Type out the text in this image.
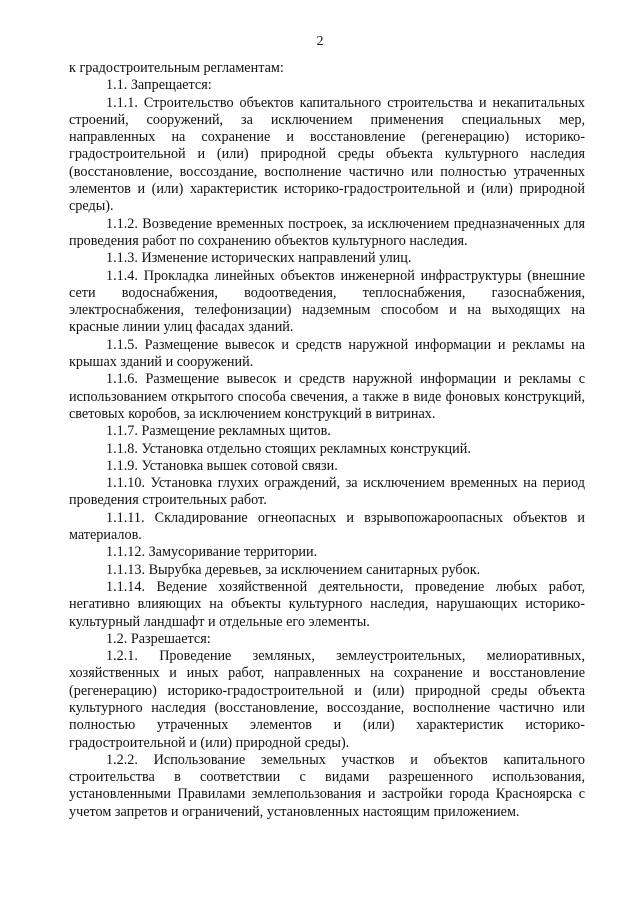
2

к градостроительным регламентам:

1.1. Запрещается:

1.1.1. Строительство объектов капитального строительства и некапитальных строений, сооружений, за исключением применения специальных мер, направленных на сохранение и восстановление (регенерацию) историко-градостроительной и (или) природной среды объекта культурного наследия (восстановление, воссоздание, восполнение частично или полностью утраченных элементов и (или) характеристик историко-градостроительной и (или) природной среды).

1.1.2. Возведение временных построек, за исключением предназначенных для проведения работ по сохранению объектов культурного наследия.

1.1.3. Изменение исторических направлений улиц.

1.1.4. Прокладка линейных объектов инженерной инфраструктуры (внешние сети водоснабжения, водоотведения, теплоснабжения, газоснабжения, электроснабжения, телефонизации) надземным способом и на выходящих на красные линии улиц фасадах зданий.

1.1.5. Размещение вывесок и средств наружной информации и рекламы на крышах зданий и сооружений.

1.1.6. Размещение вывесок и средств наружной информации и рекламы с использованием открытого способа свечения, а также в виде фоновых конструкций, световых коробов, за исключением конструкций в витринах.

1.1.7. Размещение рекламных щитов.

1.1.8. Установка отдельно стоящих рекламных конструкций.

1.1.9. Установка вышек сотовой связи.

1.1.10. Установка глухих ограждений, за исключением временных на период проведения строительных работ.

1.1.11. Складирование огнеопасных и взрывопожароопасных объектов и материалов.

1.1.12. Замусоривание территории.

1.1.13. Вырубка деревьев, за исключением санитарных рубок.

1.1.14. Ведение хозяйственной деятельности, проведение любых работ, негативно влияющих на объекты культурного наследия, нарушающих историко-культурный ландшафт и отдельные его элементы.

1.2. Разрешается:

1.2.1. Проведение земляных, землеустроительных, мелиоративных, хозяйственных и иных работ, направленных на сохранение и восстановление (регенерацию) историко-градостроительной и (или) природной среды объекта культурного наследия (восстановление, воссоздание, восполнение частично или полностью утраченных элементов и (или) характеристик историко-градостроительной и (или) природной среды).

1.2.2. Использование земельных участков и объектов капитального строительства в соответствии с видами разрешенного использования, установленными Правилами землепользования и застройки города Красноярска с учетом запретов и ограничений, установленных настоящим приложением.
